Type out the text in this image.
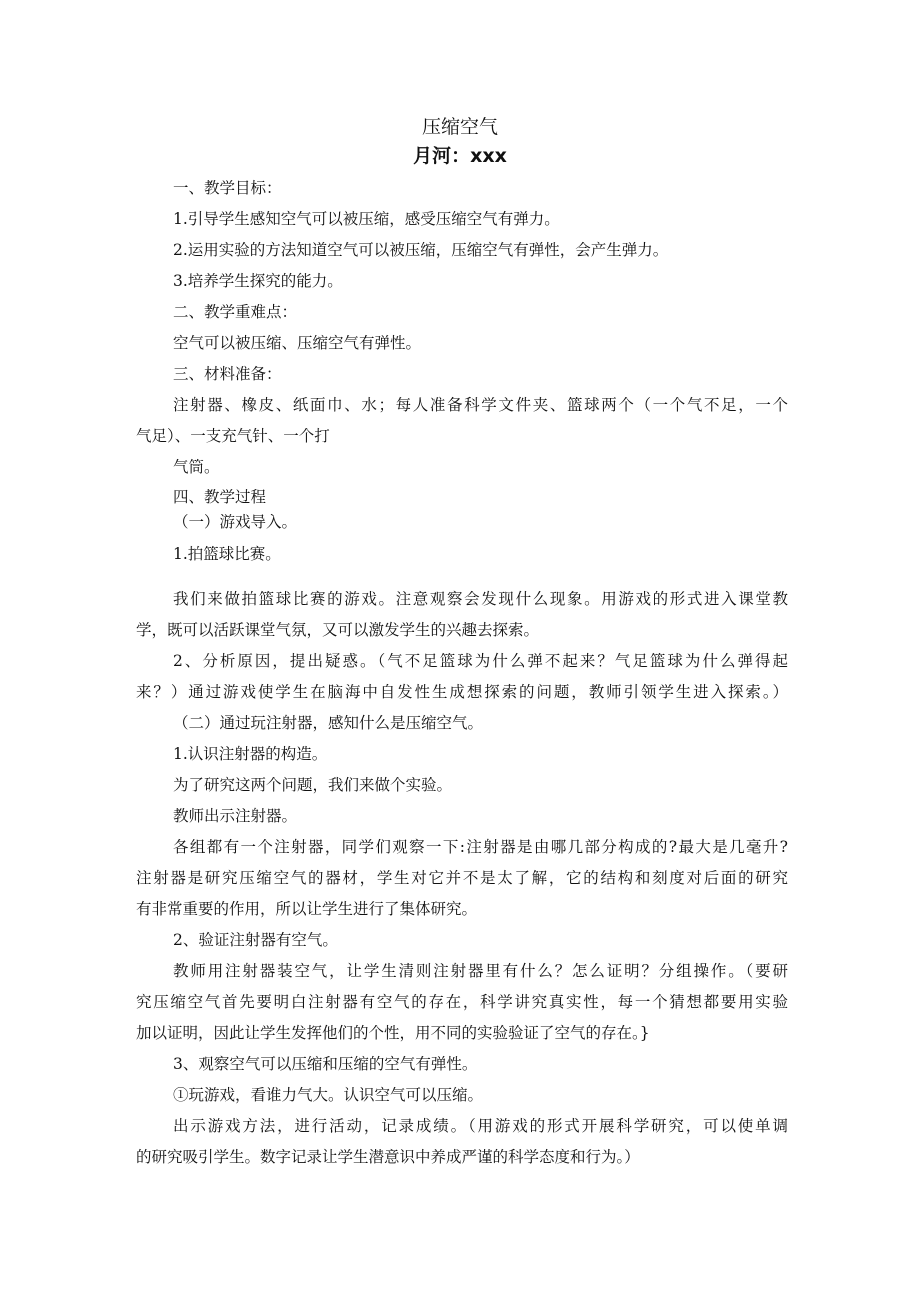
压缩空气
月河：xxx
一、教学目标：
1.引导学生感知空气可以被压缩，感受压缩空气有弹力。
2.运用实验的方法知道空气可以被压缩，压缩空气有弹性，会产生弹力。
3.培养学生探究的能力。
二、教学重难点：
空气可以被压缩、压缩空气有弹性。
三、材料准备：
注射器、橡皮、纸面巾、水；每人准备科学文件夹、篮球两个（一个气不足，一个
气足）、一支充气针、一个打
气筒。
四、教学过程
（一）游戏导入。
1.拍篮球比赛。
我们来做拍篮球比赛的游戏。注意观察会发现什么现象。用游戏的形式进入课堂教
学，既可以活跃课堂气氛，又可以激发学生的兴趣去探索。
2、分析原因，提出疑惑。（气不足篮球为什么弹不起来？气足篮球为什么弹得起
来？）通过游戏使学生在脑海中自发性生成想探索的问题，教师引领学生进入探索。）
（二）通过玩注射器，感知什么是压缩空气。
1.认识注射器的构造。
为了研究这两个问题，我们来做个实验。
教师出示注射器。
各组都有一个注射器，同学们观察一下:注射器是由哪几部分构成的?最大是几毫升?
注射器是研究压缩空气的器材，学生对它并不是太了解，它的结构和刻度对后面的研究
有非常重要的作用，所以让学生进行了集体研究。
2、验证注射器有空气。
教师用注射器装空气，让学生清则注射器里有什么？怎么证明？分组操作。（要研
究压缩空气首先要明白注射器有空气的存在，科学讲究真实性，每一个猜想都要用实验
加以证明，因此让学生发挥他们的个性，用不同的实验验证了空气的存在。}
3、观察空气可以压缩和压缩的空气有弹性。
①玩游戏，看谁力气大。认识空气可以压缩。
出示游戏方法，进行活动，记录成绩。（用游戏的形式开展科学研究，可以使单调
的研究吸引学生。数字记录让学生潜意识中养成严谨的科学态度和行为。）
